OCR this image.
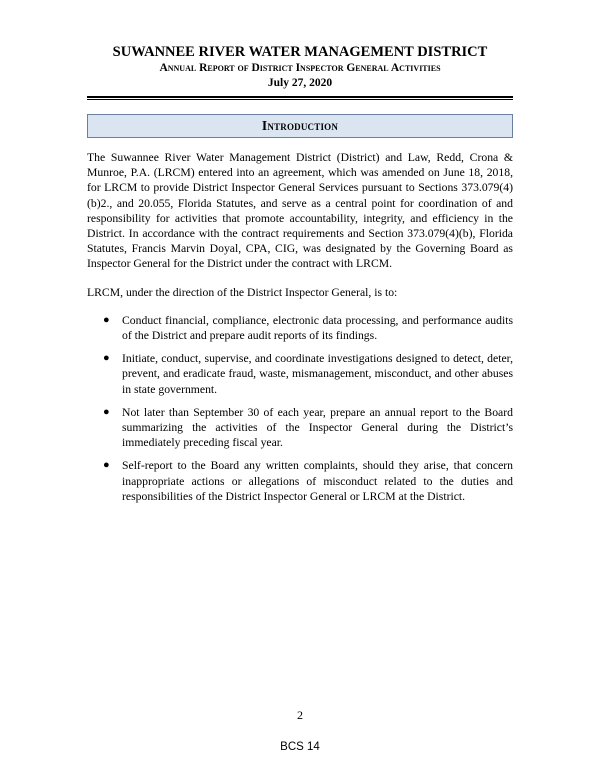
SUWANNEE RIVER WATER MANAGEMENT DISTRICT
Annual Report of District Inspector General Activities
July 27, 2020
Introduction

The Suwannee River Water Management District (District) and Law, Redd, Crona & Munroe, P.A. (LRCM) entered into an agreement, which was amended on June 18, 2018, for LRCM to provide District Inspector General Services pursuant to Sections 373.079(4)(b)2., and 20.055, Florida Statutes, and serve as a central point for coordination of and responsibility for activities that promote accountability, integrity, and efficiency in the District. In accordance with the contract requirements and Section 373.079(4)(b), Florida Statutes, Francis Marvin Doyal, CPA, CIG, was designated by the Governing Board as Inspector General for the District under the contract with LRCM.

LRCM, under the direction of the District Inspector General, is to:

● Conduct financial, compliance, electronic data processing, and performance audits of the District and prepare audit reports of its findings.
● Initiate, conduct, supervise, and coordinate investigations designed to detect, deter, prevent, and eradicate fraud, waste, mismanagement, misconduct, and other abuses in state government.
● Not later than September 30 of each year, prepare an annual report to the Board summarizing the activities of the Inspector General during the District’s immediately preceding fiscal year.
● Self-report to the Board any written complaints, should they arise, that concern inappropriate actions or allegations of misconduct related to the duties and responsibilities of the District Inspector General or LRCM at the District.
2
BCS 14
